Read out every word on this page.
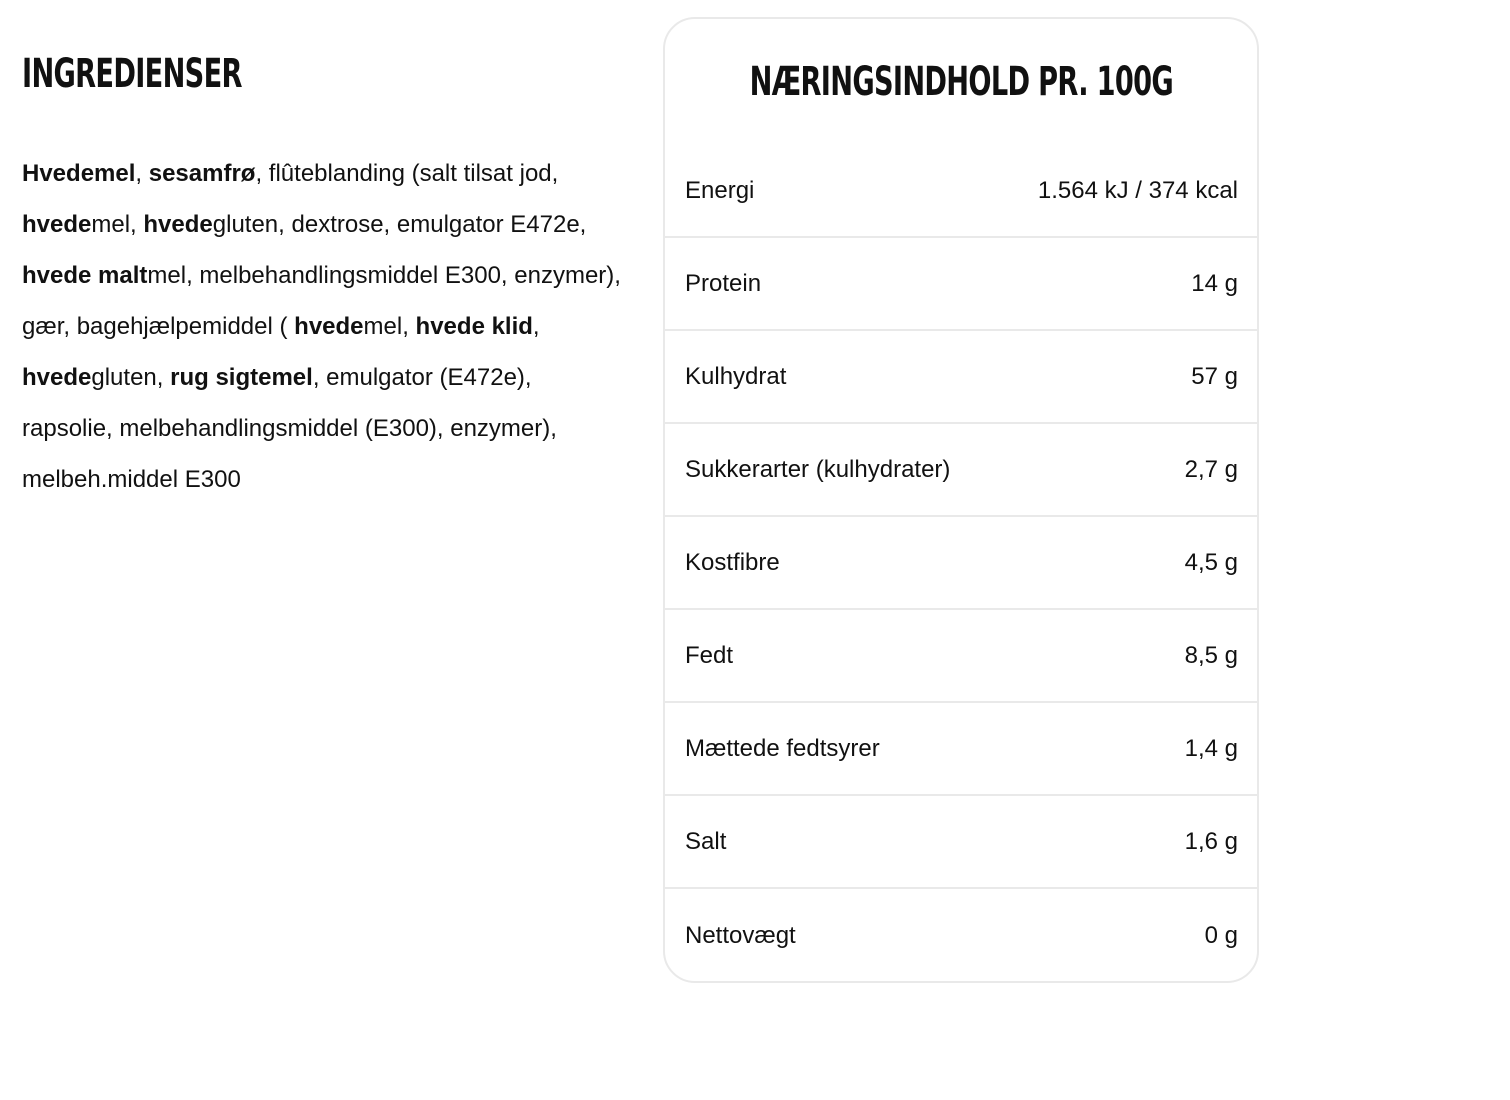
INGREDIENSER

Hvedemel, sesamfrø, flûteblanding (salt tilsat jod, hvedemel, hvedegluten, dextrose, emulgator E472e, hvede maltmel, melbehandlingsmiddel E300, enzymer), gær, bagehjælpemiddel ( hvedemel, hvede klid, hvedegluten, rug sigtemel, emulgator (E472e), rapsolie, melbehandlingsmiddel (E300), enzymer), melbeh.middel E300

NÆRINGSINDHOLD PR. 100G
Energi	1.564 kJ / 374 kcal
Protein	14 g
Kulhydrat	57 g
Sukkerarter (kulhydrater)	2,7 g
Kostfibre	4,5 g
Fedt	8,5 g
Mættede fedtsyrer	1,4 g
Salt	1,6 g
Nettovægt	0 g
